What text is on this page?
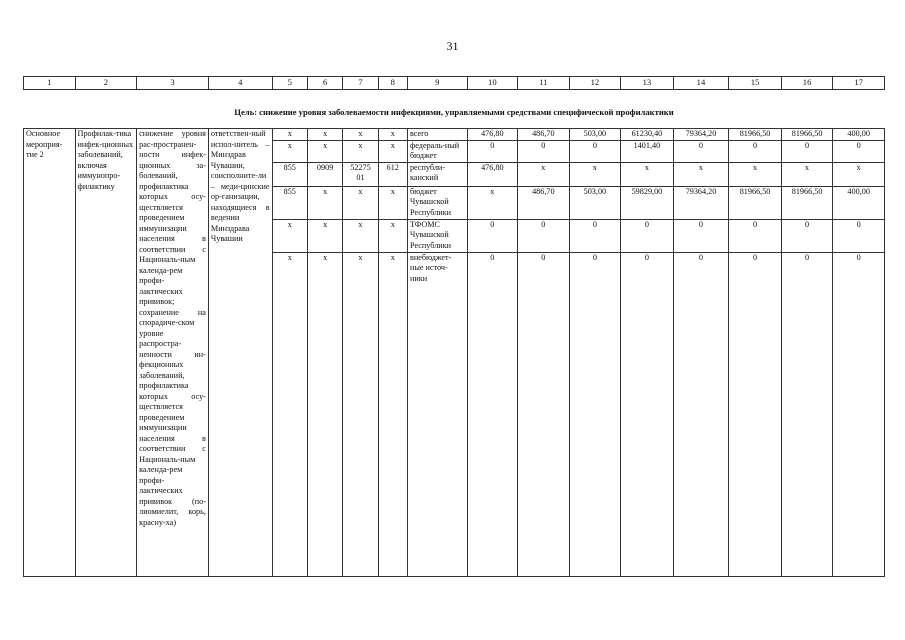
31
1	2	3	4	5	6	7	8	9	10	11	12	13	14	15	16	17
Цель: снижение уровня заболеваемости инфекциями, управляемыми средствами специфической профилактики																
Основное мероприя-тие 2	Профилак-тика инфек-ционных заболеваний, включая иммунопро-филактику	снижение уровня рас-пространен-ности инфек-ционных за-болеваний, профилактика которых осу-ществляется проведением иммунизации населения в соответствии с Националь-ным календа-рем профи-лактических прививок; сохранение на спорадиче-ском уровне распростра-ненности ин-фекционных заболеваний, профилактика которых осу-ществляется проведением иммунизации населения в соответствии с Националь-ным календа-рем профи-лактических прививок (по-лиомиелит, корь, красну-ха)	ответствен-ный испол-нитель – Минздрав Чувашии, соисполните-ли – меди-цинские ор-ганизации, находящиеся в ведении Минздрава Чувашии	x	x	x	x	всего	476,80	486,70	503,00	61230,40	79364,20	81966,50	81966,50	400,00
				x	x	x	x	федераль-ный бюджет	0	0	0	1401,40	0	0	0	0
				855	0909	52275 01	612	республи-канский	476,80	x	x	x	x	x	x	x
				855	x	x	x	бюджет Чувашской Республики	x	486,70	503,00	59829,00	79364,20	81966,50	81966,50	400,00
				x	x	x	x	ТФОМС Чувашской Республики	0	0	0	0	0	0	0	0
				x	x	x	x	внебюджет-ные источ-ники	0	0	0	0	0	0	0	0
